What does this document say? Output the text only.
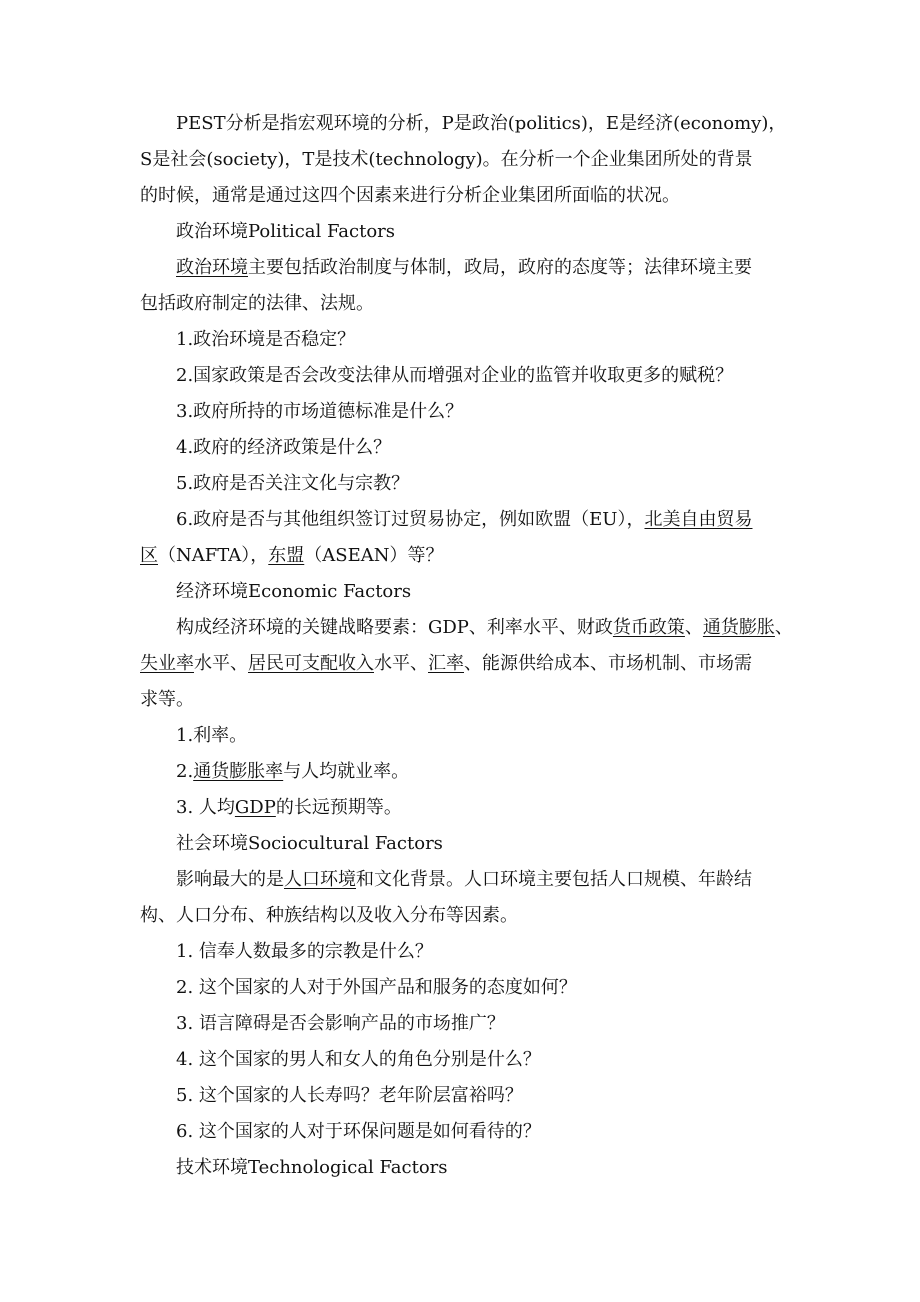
PEST分析是指宏观环境的分析，P是政治(politics)，E是经济(economy)，
S是社会(society)，T是技术(technology)。在分析一个企业集团所处的背景
的时候，通常是通过这四个因素来进行分析企业集团所面临的状况。
政治环境Political Factors
政治环境主要包括政治制度与体制，政局，政府的态度等；法律环境主要
包括政府制定的法律、法规。
1.政治环境是否稳定？
2.国家政策是否会改变法律从而增强对企业的监管并收取更多的赋税？
3.政府所持的市场道德标准是什么？
4.政府的经济政策是什么？
5.政府是否关注文化与宗教？
6.政府是否与其他组织签订过贸易协定，例如欧盟（EU），北美自由贸易
区（NAFTA），东盟（ASEAN）等？
经济环境Economic Factors
构成经济环境的关键战略要素：GDP、利率水平、财政货币政策、通货膨胀、
失业率水平、居民可支配收入水平、汇率、能源供给成本、市场机制、市场需
求等。
1.利率。
2.通货膨胀率与人均就业率。
3. 人均GDP的长远预期等。
社会环境Sociocultural Factors
影响最大的是人口环境和文化背景。人口环境主要包括人口规模、年龄结
构、人口分布、种族结构以及收入分布等因素。
1. 信奉人数最多的宗教是什么？
2. 这个国家的人对于外国产品和服务的态度如何？
3. 语言障碍是否会影响产品的市场推广？
4. 这个国家的男人和女人的角色分别是什么？
5. 这个国家的人长寿吗？老年阶层富裕吗？
6. 这个国家的人对于环保问题是如何看待的？
技术环境Technological Factors
